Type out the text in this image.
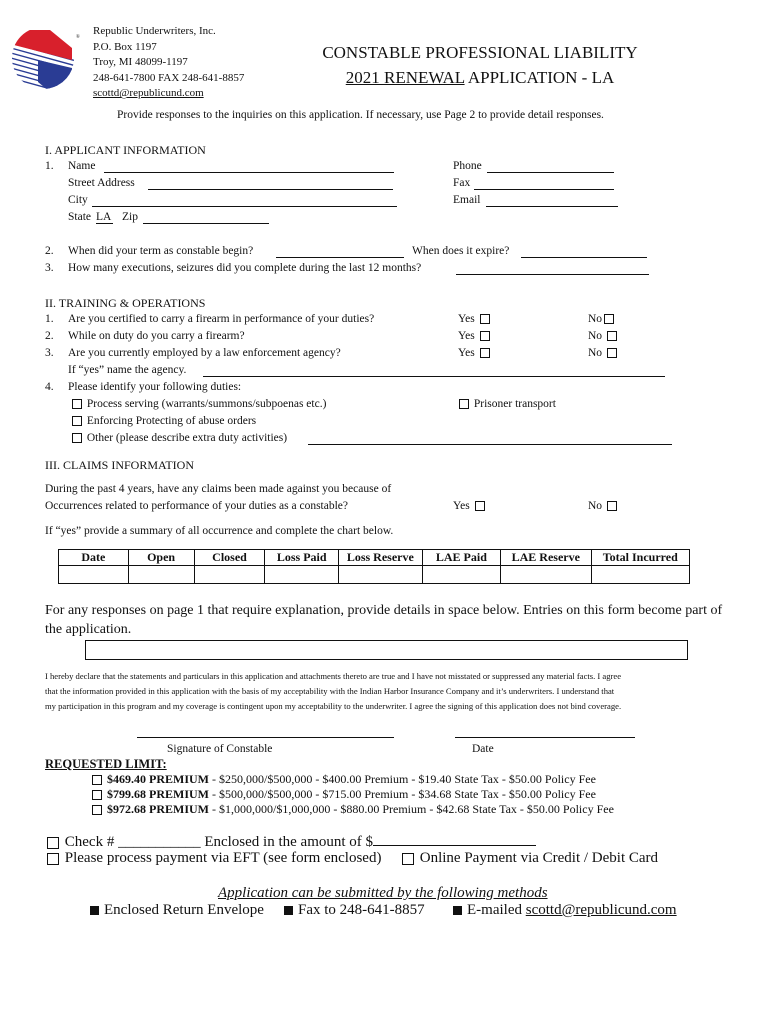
®
Republic Underwriters, Inc.
P.O. Box 1197
Troy, MI 48099-1197
248-641-7800 FAX 248-641-8857
scottd@republicund.com
CONSTABLE PROFESSIONAL LIABILITY
2021 RENEWAL APPLICATION - LA
Provide responses to the inquiries on this application. If necessary, use Page 2 to provide detail responses.
I. APPLICANT INFORMATION
1. Name
Street Address
City
State LA Zip
Phone
Fax
Email
2. When did your term as constable begin?	When does it expire?
3. How many executions, seizures did you complete during the last 12 months?
II. TRAINING & OPERATIONS
1. Are you certified to carry a firearm in performance of your duties?	Yes	No
2. While on duty do you carry a firearm?	Yes	No
3. Are you currently employed by a law enforcement agency?	Yes	No
If “yes” name the agency.
4. Please identify your following duties:
Process serving (warrants/summons/subpoenas etc.)
Enforcing Protecting of abuse orders
Other (please describe extra duty activities)
Prisoner transport
III. CLAIMS INFORMATION
During the past 4 years, have any claims been made against you because of
Occurrences related to performance of your duties as a constable?	Yes	No
If “yes” provide a summary of all occurrence and complete the chart below.
Date	Open	Closed	Loss Paid	Loss Reserve	LAE Paid	LAE Reserve	Total Incurred

For any responses on page 1 that require explanation, provide details in space below. Entries on this form become part of the application.
I hereby declare that the statements and particulars in this application and attachments thereto are true and I have not misstated or suppressed any material facts. I agree
that the information provided in this application with the basis of my acceptability with the Indian Harbor Insurance Company and it’s underwriters. I understand that
my participation in this program and my coverage is contingent upon my acceptability to the underwriter. I agree the signing of this application does not bind coverage.
Signature of Constable	Date
REQUESTED LIMIT:
$469.40 PREMIUM - $250,000/$500,000 - $400.00 Premium - $19.40 State Tax - $50.00 Policy Fee
$799.68 PREMIUM - $500,000/$500,000 - $715.00 Premium - $34.68 State Tax - $50.00 Policy Fee
$972.68 PREMIUM - $1,000,000/$1,000,000 - $880.00 Premium - $42.68 State Tax - $50.00 Policy Fee
Check # ___________ Enclosed in the amount of $
Please process payment via EFT (see form enclosed)	Online Payment via Credit / Debit Card
Application can be submitted by the following methods
Enclosed Return Envelope	Fax to 248-641-8857	E-mailed scottd@republicund.com
